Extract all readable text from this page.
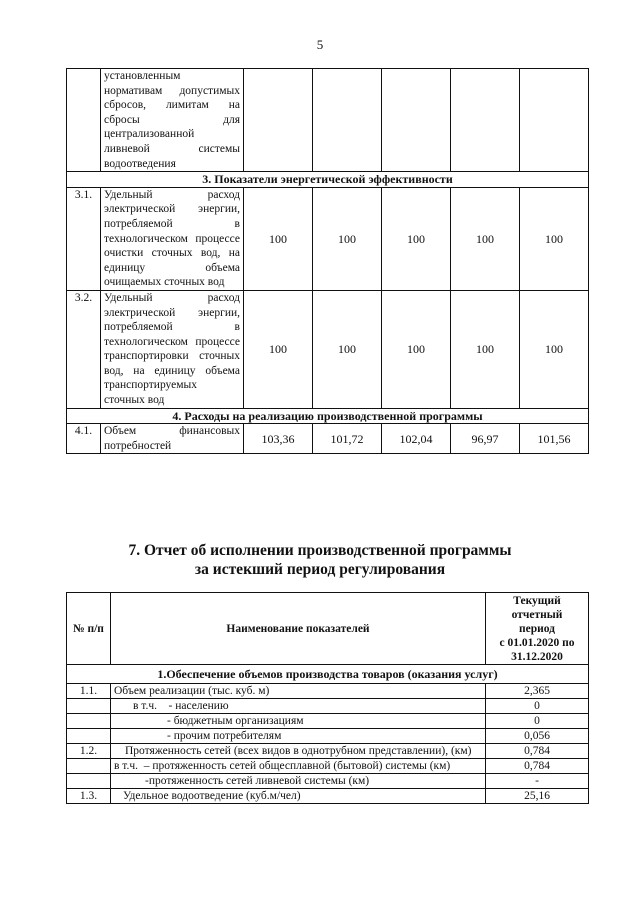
5
	установленным нормативам допустимых сбросов, лимитам на сбросы для централизованной ливневой системы водоотведения					
3. Показатели энергетической эффективности						
3.1.	Удельный расход электрической энергии, потребляемой в технологическом процессе очистки сточных вод, на единицу объема очищаемых сточных вод	100	100	100	100	100
3.2.	Удельный расход электрической энергии, потребляемой в технологическом процессе транспортировки сточных вод, на единицу объема транспортируемых сточных вод	100	100	100	100	100
4. Расходы на реализацию производственной программы						
4.1.	Объем финансовых потребностей	103,36	101,72	102,04	96,97	101,56
7. Отчет об исполнении производственной программы
за истекший период регулирования
№ п/п	Наименование показателей	Текущий
отчетный
период
с 01.01.2020 по
31.12.2020

1.Обеспечение объемов производства товаров (оказания услуг)		
1.1.	Объем реализации (тыс. куб. м)	2,365
	в т.ч.    - населению	0
	- бюджетным организациям	0
	- прочим потребителям	0,056
1.2.	Протяженность сетей (всех видов в однотрубном представлении), (км)	0,784
	в т.ч.  – протяженность сетей общесплавной (бытовой) системы (км)	0,784
	-протяженность сетей ливневой системы (км)	-
1.3.	Удельное водоотведение (куб.м/чел)	25,16
